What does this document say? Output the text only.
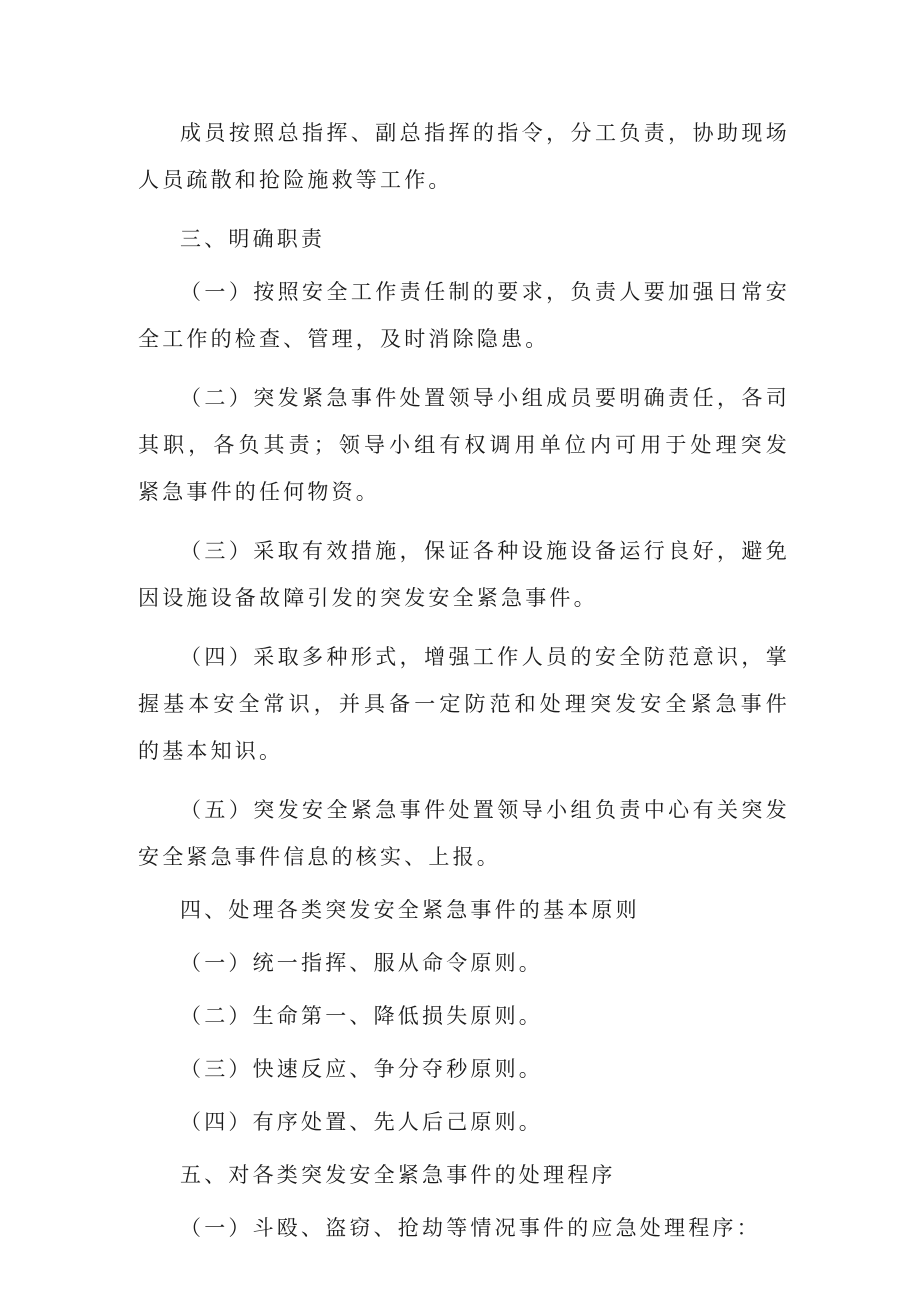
成员按照总指挥、副总指挥的指令，分工负责，协助现场人员疏散和抢险施救等工作。

三、明确职责

（一）按照安全工作责任制的要求，负责人要加强日常安全工作的检查、管理，及时消除隐患。

（二）突发紧急事件处置领导小组成员要明确责任，各司其职，各负其责；领导小组有权调用单位内可用于处理突发紧急事件的任何物资。

（三）采取有效措施，保证各种设施设备运行良好，避免因设施设备故障引发的突发安全紧急事件。

（四）采取多种形式，增强工作人员的安全防范意识，掌握基本安全常识，并具备一定防范和处理突发安全紧急事件的基本知识。

（五）突发安全紧急事件处置领导小组负责中心有关突发安全紧急事件信息的核实、上报。

四、处理各类突发安全紧急事件的基本原则

（一）统一指挥、服从命令原则。

（二）生命第一、降低损失原则。

（三）快速反应、争分夺秒原则。

（四）有序处置、先人后己原则。

五、对各类突发安全紧急事件的处理程序

（一）斗殴、盗窃、抢劫等情况事件的应急处理程序：
